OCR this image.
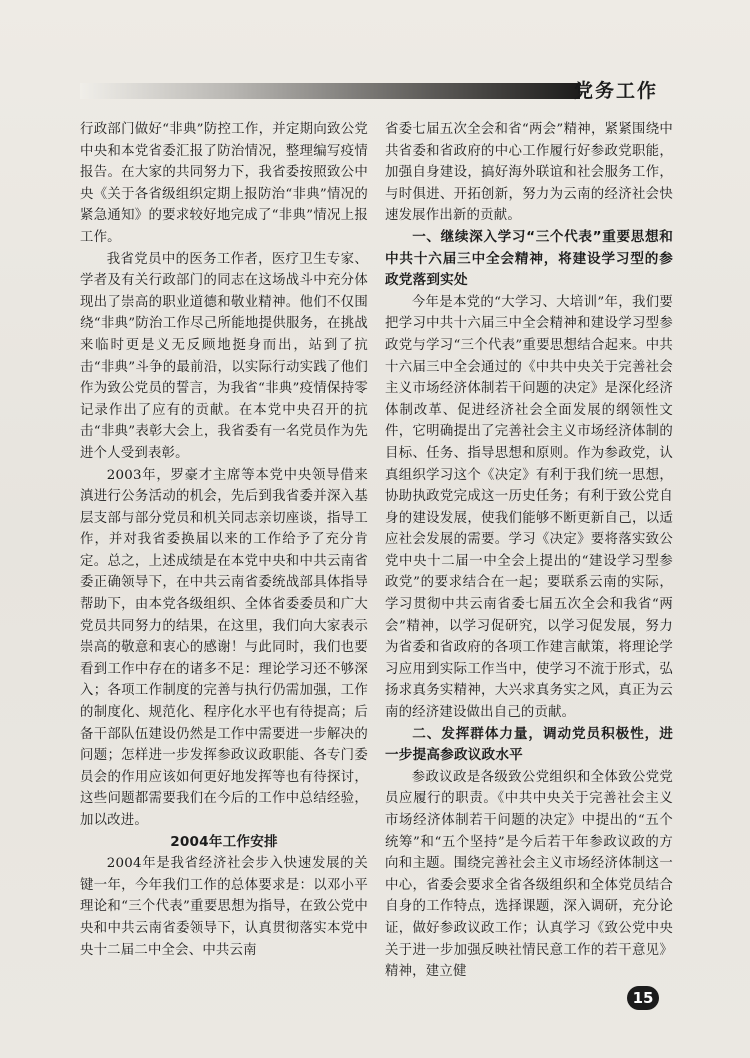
党务工作

行政部门做好“非典”防控工作，并定期向致公党中央和本党省委汇报了防治情况，整理编写疫情报告。在大家的共同努力下，我省委按照致公中央《关于各省级组织定期上报防治“非典”情况的紧急通知》的要求较好地完成了“非典”情况上报工作。

我省党员中的医务工作者，医疗卫生专家、学者及有关行政部门的同志在这场战斗中充分体现出了崇高的职业道德和敬业精神。他们不仅围绕“非典”防治工作尽己所能地提供服务，在挑战来临时更是义无反顾地挺身而出，站到了抗击“非典”斗争的最前沿，以实际行动实践了他们作为致公党员的誓言，为我省“非典”疫情保持零记录作出了应有的贡献。在本党中央召开的抗击“非典”表彰大会上，我省委有一名党员作为先进个人受到表彰。

2003年，罗豪才主席等本党中央领导借来滇进行公务活动的机会，先后到我省委并深入基层支部与部分党员和机关同志亲切座谈，指导工作，并对我省委换届以来的工作给予了充分肯定。总之，上述成绩是在本党中央和中共云南省委正确领导下，在中共云南省委统战部具体指导帮助下，由本党各级组织、全体省委委员和广大党员共同努力的结果，在这里，我们向大家表示崇高的敬意和衷心的感谢！与此同时，我们也要看到工作中存在的诸多不足：理论学习还不够深入；各项工作制度的完善与执行仍需加强，工作的制度化、规范化、程序化水平也有待提高；后备干部队伍建设仍然是工作中需要进一步解决的问题；怎样进一步发挥参政议政职能、各专门委员会的作用应该如何更好地发挥等也有待探讨，这些问题都需要我们在今后的工作中总结经验，加以改进。

2004年工作安排

2004年是我省经济社会步入快速发展的关键一年，今年我们工作的总体要求是：以邓小平理论和“三个代表”重要思想为指导，在致公党中央和中共云南省委领导下，认真贯彻落实本党中央十二届二中全会、中共云南

省委七届五次全会和省“两会”精神，紧紧围绕中共省委和省政府的中心工作履行好参政党职能，加强自身建设，搞好海外联谊和社会服务工作，与时俱进、开拓创新，努力为云南的经济社会快速发展作出新的贡献。

一、继续深入学习“三个代表”重要思想和中共十六届三中全会精神，将建设学习型的参政党落到实处

今年是本党的“大学习、大培训”年，我们要把学习中共十六届三中全会精神和建设学习型参政党与学习“三个代表”重要思想结合起来。中共十六届三中全会通过的《中共中央关于完善社会主义市场经济体制若干问题的决定》是深化经济体制改革、促进经济社会全面发展的纲领性文件，它明确提出了完善社会主义市场经济体制的目标、任务、指导思想和原则。作为参政党，认真组织学习这个《决定》有利于我们统一思想，协助执政党完成这一历史任务；有利于致公党自身的建设发展，使我们能够不断更新自己，以适应社会发展的需要。学习《决定》要将落实致公党中央十二届一中全会上提出的“建设学习型参政党”的要求结合在一起；要联系云南的实际，学习贯彻中共云南省委七届五次全会和我省“两会”精神，以学习促研究，以学习促发展，努力为省委和省政府的各项工作建言献策，将理论学习应用到实际工作当中，使学习不流于形式，弘扬求真务实精神，大兴求真务实之风，真正为云南的经济建设做出自己的贡献。

二、发挥群体力量，调动党员积极性，进一步提高参政议政水平

参政议政是各级致公党组织和全体致公党党员应履行的职责。《中共中央关于完善社会主义市场经济体制若干问题的决定》中提出的“五个统筹”和“五个坚持”是今后若干年参政议政的方向和主题。围绕完善社会主义市场经济体制这一中心，省委会要求全省各级组织和全体党员结合自身的工作特点，选择课题，深入调研，充分论证，做好参政议政工作；认真学习《致公党中央关于进一步加强反映社情民意工作的若干意见》精神，建立健

15
